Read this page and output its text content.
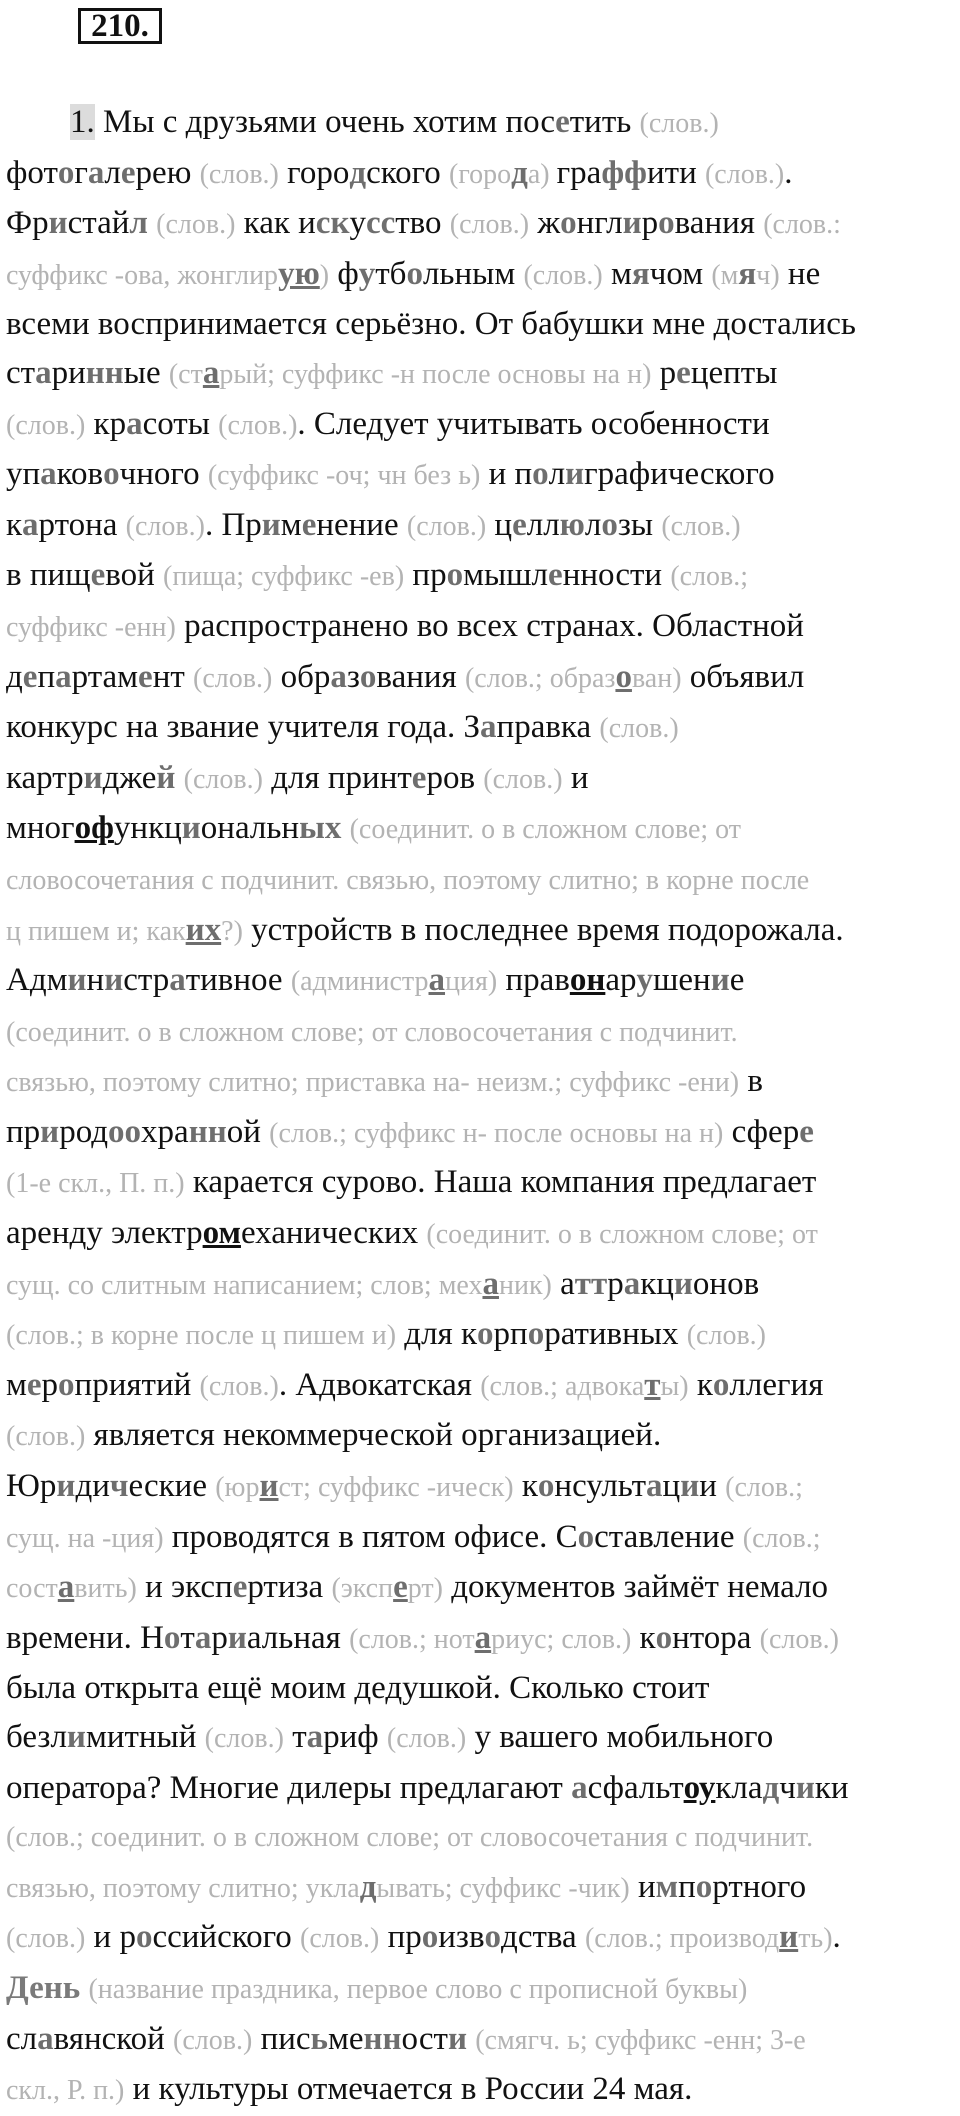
210.
1. Мы с друзьями очень хотим посетить (слов.)
фотогалерею (слов.) городского (города) граффити (слов.).
Фристайл (слов.) как искусство (слов.) жонглирования (слов.:
суффикс -ова, жонглирую) футбольным (слов.) мячом (мяч) не
всеми воспринимается серьёзно. От бабушки мне достались
старинные (старый; суффикс -н после основы на н) рецепты
(слов.) красоты (слов.). Следует учитывать особенности
упаковочного (суффикс -оч; чн без ь) и полиграфического
картона (слов.). Применение (слов.) целлюлозы (слов.)
в пищевой (пища; суффикс -ев) промышленности (слов.;
суффикс -енн) распространено во всех странах. Областной
департамент (слов.) образования (слов.; образован) объявил
конкурс на звание учителя года. Заправка (слов.)
картриджей (слов.) для принтеров (слов.) и
многофункциональных (соединит. о в сложном слове; от
словосочетания с подчинит. связью, поэтому слитно; в корне после
ц пишем и; каких?) устройств в последнее время подорожала.
Административное (администрация) правонарушение
(соединит. о в сложном слове; от словосочетания с подчинит.
связью, поэтому слитно; приставка на- неизм.; суффикс -ени) в
природоохранной (слов.; суффикс н- после основы на н) сфере
(1-е скл., П. п.) карается сурово. Наша компания предлагает
аренду электромеханических (соединит. о в сложном слове; от
сущ. со слитным написанием; слов; механик) аттракционов
(слов.; в корне после ц пишем и) для корпоративных (слов.)
мероприятий (слов.). Адвокатская (слов.; адвокаты) коллегия
(слов.) является некоммерческой организацией.
Юридические (юрист; суффикс -ическ) консультации (слов.;
сущ. на -ция) проводятся в пятом офисе. Составление (слов.;
составить) и экспертиза (эксперт) документов займёт немало
времени. Нотариальная (слов.; нотариус; слов.) контора (слов.)
была открыта ещё моим дедушкой. Сколько стоит
безлимитный (слов.) тариф (слов.) у вашего мобильного
оператора? Многие дилеры предлагают асфальтоукладчики
(слов.; соединит. о в сложном слове; от словосочетания с подчинит.
связью, поэтому слитно; укладывать; суффикс -чик) импортного
(слов.) и российского (слов.) производства (слов.; производить).
День (название праздника, первое слово с прописной буквы)
славянской (слов.) письменности (смягч. ь; суффикс -енн; 3-е
скл., Р. п.) и культуры отмечается в России 24 мая.
